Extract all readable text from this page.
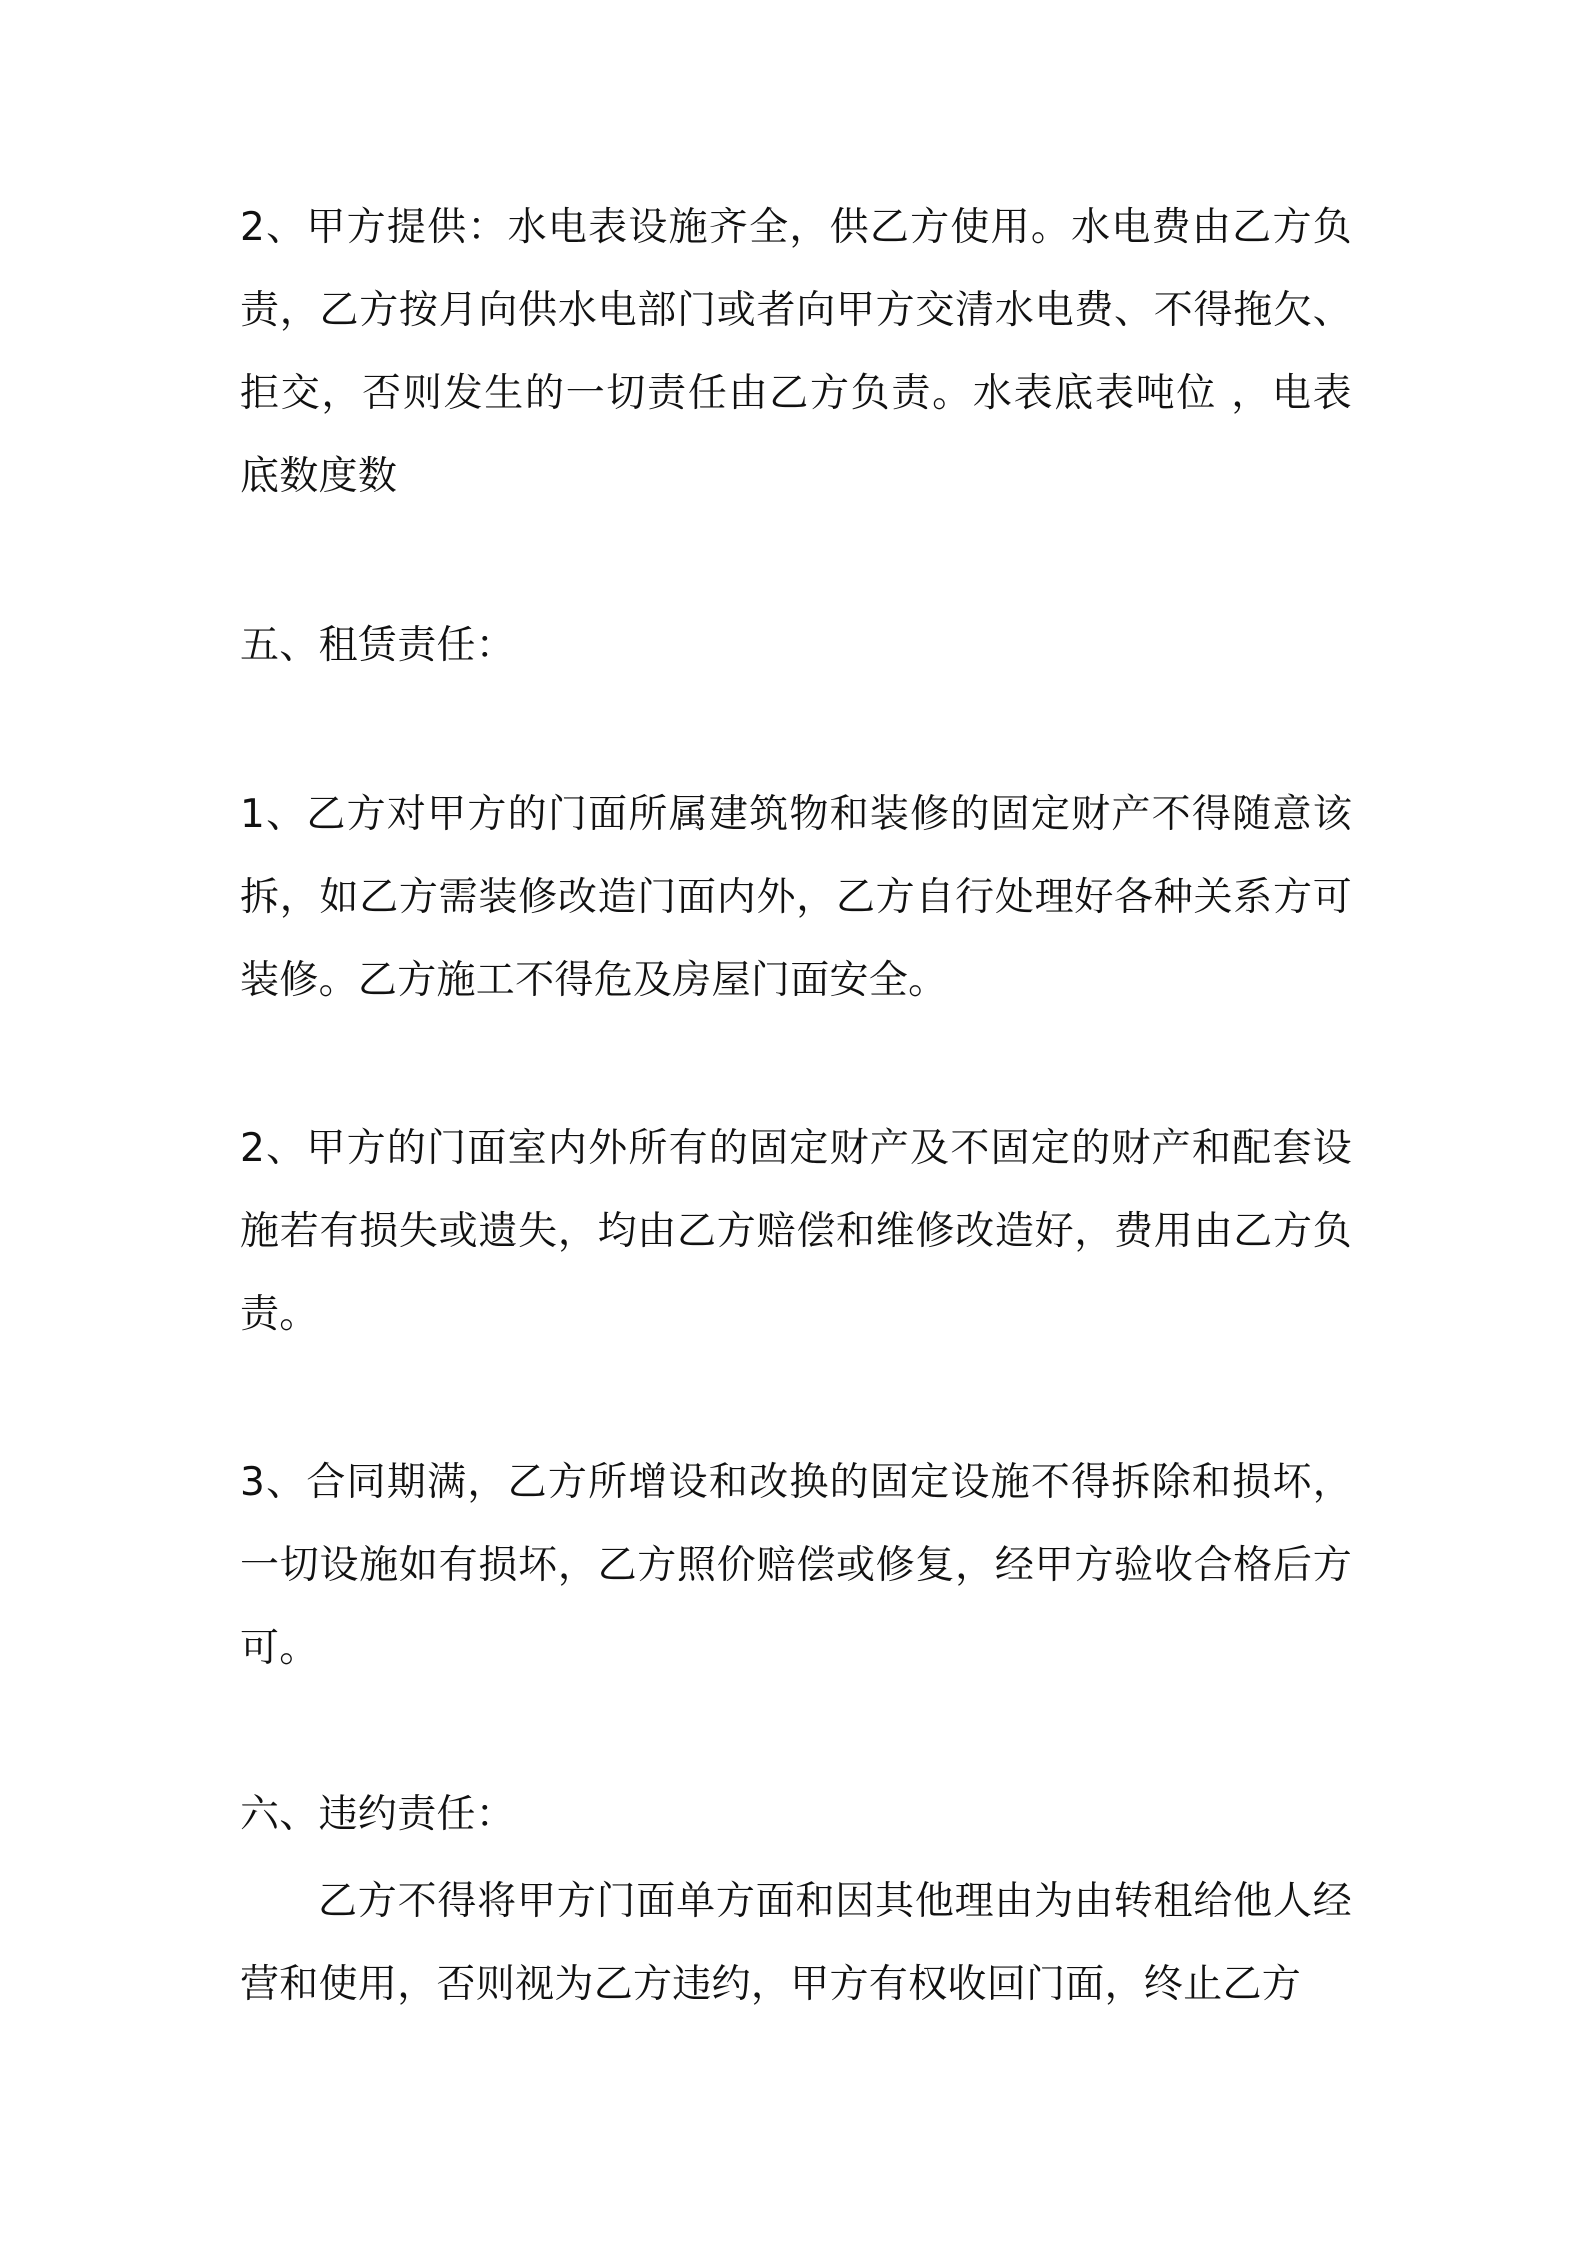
2、甲方提供：水电表设施齐全，供乙方使用。水电费由乙方负责，乙方按月向供水电部门或者向甲方交清水电费、不得拖欠、拒交，否则发生的一切责任由乙方负责。水表底表吨位 ，电表底数度数

五、租赁责任：

1、乙方对甲方的门面所属建筑物和装修的固定财产不得随意该拆，如乙方需装修改造门面内外，乙方自行处理好各种关系方可装修。乙方施工不得危及房屋门面安全。

2、甲方的门面室内外所有的固定财产及不固定的财产和配套设施若有损失或遗失，均由乙方赔偿和维修改造好，费用由乙方负责。

3、合同期满，乙方所增设和改换的固定设施不得拆除和损坏，一切设施如有损坏，乙方照价赔偿或修复，经甲方验收合格后方可。

六、违约责任：

乙方不得将甲方门面单方面和因其他理由为由转租给他人经营和使用，否则视为乙方违约，甲方有权收回门面，终止乙方
